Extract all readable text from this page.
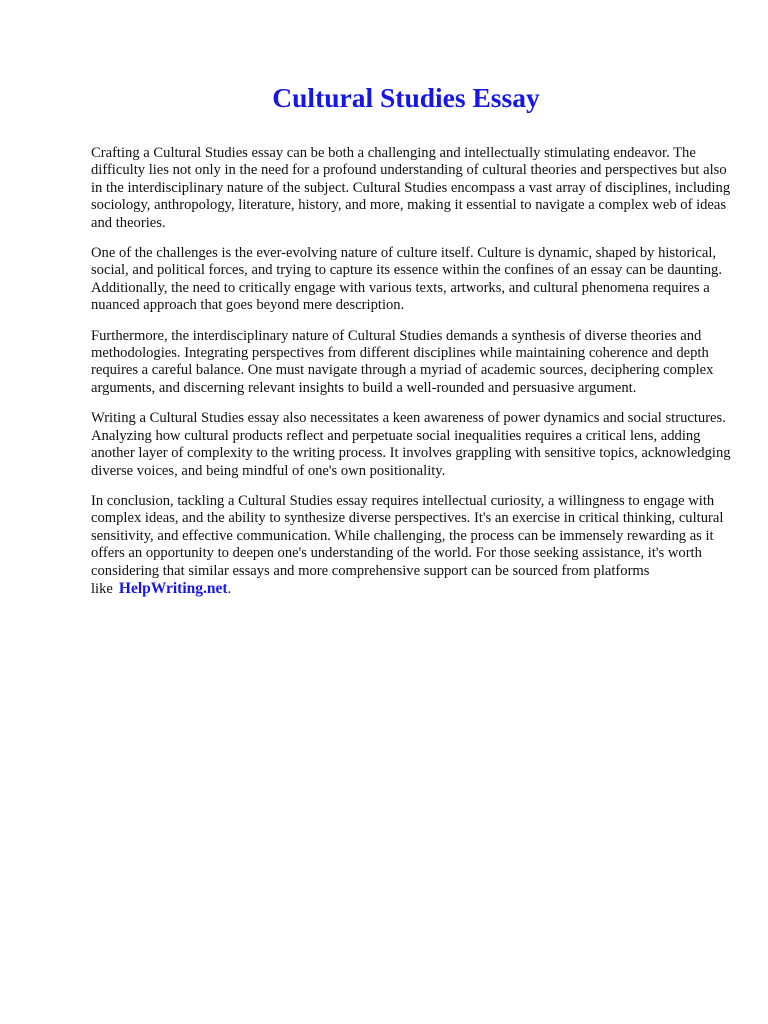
Cultural Studies Essay

Crafting a Cultural Studies essay can be both a challenging and intellectually stimulating endeavor. The difficulty lies not only in the need for a profound understanding of cultural theories and perspectives but also in the interdisciplinary nature of the subject. Cultural Studies encompass a vast array of disciplines, including sociology, anthropology, literature, history, and more, making it essential to navigate a complex web of ideas and theories.

One of the challenges is the ever-evolving nature of culture itself. Culture is dynamic, shaped by historical, social, and political forces, and trying to capture its essence within the confines of an essay can be daunting. Additionally, the need to critically engage with various texts, artworks, and cultural phenomena requires a nuanced approach that goes beyond mere description.

Furthermore, the interdisciplinary nature of Cultural Studies demands a synthesis of diverse theories and methodologies. Integrating perspectives from different disciplines while maintaining coherence and depth requires a careful balance. One must navigate through a myriad of academic sources, deciphering complex arguments, and discerning relevant insights to build a well-rounded and persuasive argument.

Writing a Cultural Studies essay also necessitates a keen awareness of power dynamics and social structures. Analyzing how cultural products reflect and perpetuate social inequalities requires a critical lens, adding another layer of complexity to the writing process. It involves grappling with sensitive topics, acknowledging diverse voices, and being mindful of one's own positionality.

In conclusion, tackling a Cultural Studies essay requires intellectual curiosity, a willingness to engage with complex ideas, and the ability to synthesize diverse perspectives. It's an exercise in critical thinking, cultural sensitivity, and effective communication. While challenging, the process can be immensely rewarding as it offers an opportunity to deepen one's understanding of the world. For those seeking assistance, it's worth considering that similar essays and more comprehensive support can be sourced from platforms like HelpWriting.net.
